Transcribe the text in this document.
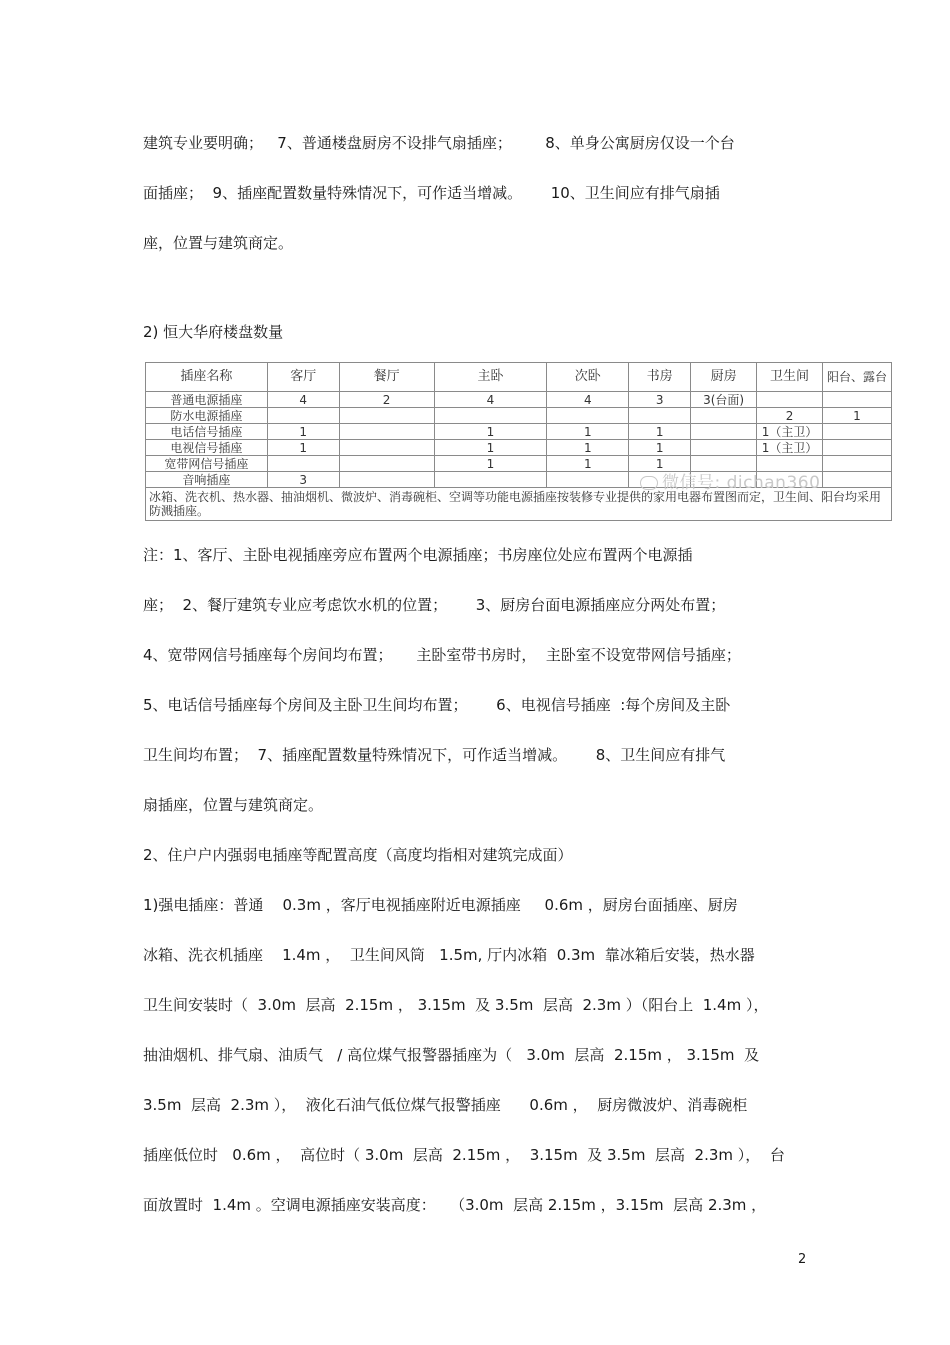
建筑专业要明确；   7、普通楼盘厨房不设排气扇插座；       8、单身公寓厨房仅设一个台
面插座；  9、插座配置数量特殊情况下，可作适当增减。      10、卫生间应有排气扇插
座，位置与建筑商定。
2) 恒大华府楼盘数量
插座名称	客厅	餐厅	主卧	次卧	书房	厨房	卫生间	阳台、露台
普通电源插座	4	2	4	4	3	3(台面)		
防水电源插座							2	1
电话信号插座	1		1	1	1		1（主卫）	
电视信号插座	1		1	1	1		1（主卫）	
宽带网信号插座			1	1	1			
音响插座	3							
冰箱、洗衣机、热水器、抽油烟机、微波炉、消毒碗柜、空调等功能电源插座按装修专业提供的家用电器布置图而定，卫生间、阳台均采用防溅插座。								
微信号: dichan360
注：1、客厅、主卧电视插座旁应布置两个电源插座；书房座位处应布置两个电源插
座；  2、餐厅建筑专业应考虑饮水机的位置；      3、厨房台面电源插座应分两处布置；
4、宽带网信号插座每个房间均布置；     主卧室带书房时，  主卧室不设宽带网信号插座；
5、电话信号插座每个房间及主卧卫生间均布置；      6、电视信号插座  :每个房间及主卧
卫生间均布置；  7、插座配置数量特殊情况下，可作适当增减。      8、卫生间应有排气
扇插座，位置与建筑商定。
2、住户户内强弱电插座等配置高度（高度均指相对建筑完成面）
1)强电插座：普通    0.3m ，客厅电视插座附近电源插座     0.6m ，厨房台面插座、厨房
冰箱、洗衣机插座    1.4m ，  卫生间风筒   1.5m, 厅内冰箱  0.3m  靠冰箱后安装，热水器
卫生间安装时（  3.0m  层高  2.15m ， 3.15m  及 3.5m  层高  2.3m ）（阳台上  1.4m ），
抽油烟机、排气扇、油质气   / 高位煤气报警器插座为（   3.0m  层高  2.15m ， 3.15m  及
3.5m  层高  2.3m ），  液化石油气低位煤气报警插座      0.6m ，  厨房微波炉、消毒碗柜
插座低位时   0.6m ，  高位时（ 3.0m  层高  2.15m ，  3.15m  及 3.5m  层高  2.3m ），  台
面放置时  1.4m 。空调电源插座安装高度：   （3.0m  层高 2.15m ，3.15m  层高 2.3m ，
2
